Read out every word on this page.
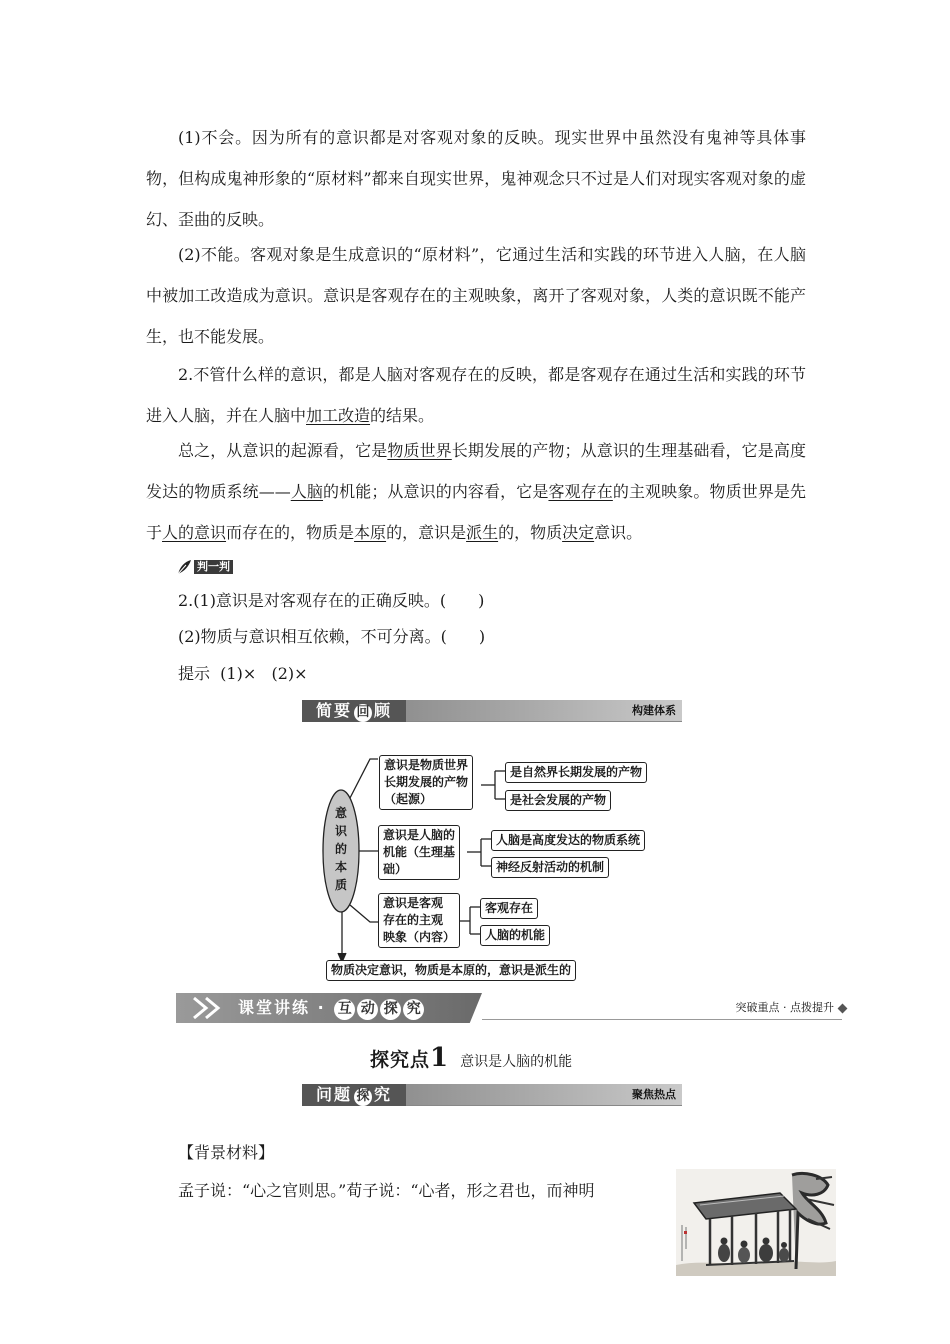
(1)不会。因为所有的意识都是对客观对象的反映。现实世界中虽然没有鬼神等具体事物，但构成鬼神形象的“原材料”都来自现实世界，鬼神观念只不过是人们对现实客观对象的虚幻、歪曲的反映。
(2)不能。客观对象是生成意识的“原材料”，它通过生活和实践的环节进入人脑，在人脑中被加工改造成为意识。意识是客观存在的主观映象，离开了客观对象，人类的意识既不能产生，也不能发展。
2.不管什么样的意识，都是人脑对客观存在的反映，都是客观存在通过生活和实践的环节进入人脑，并在人脑中加工改造的结果。
总之，从意识的起源看，它是物质世界长期发展的产物；从意识的生理基础看，它是高度发达的物质系统——人脑的机能；从意识的内容看，它是客观存在的主观映象。物质世界是先于人的意识而存在的，物质是本原的，意识是派生的，物质决定意识。
判一判
2.(1)意识是对客观存在的正确反映。(　　)
(2)物质与意识相互依赖，不可分离。(　　)
提示  (1)×   (2)×
简要 回 顾	构建体系
意
识
的
本
质
意识是物质世界
长期发展的产物
（起源）
是自然界长期发展的产物
是社会发展的产物
意识是人脑的
机能（生理基
础）
人脑是高度发达的物质系统
神经反射活动的机制
意识是客观
存在的主观
映象（内容）
客观存在
人脑的机能
物质决定意识，物质是本原的，意识是派生的
课堂讲练 · 互 动 探 究	突破重点 · 点拨提升
探究点1 意识是人脑的机能
问题 探 究	聚焦热点
【背景材料】
孟子说：“心之官则思。”荀子说：“心者，形之君也，而神明
